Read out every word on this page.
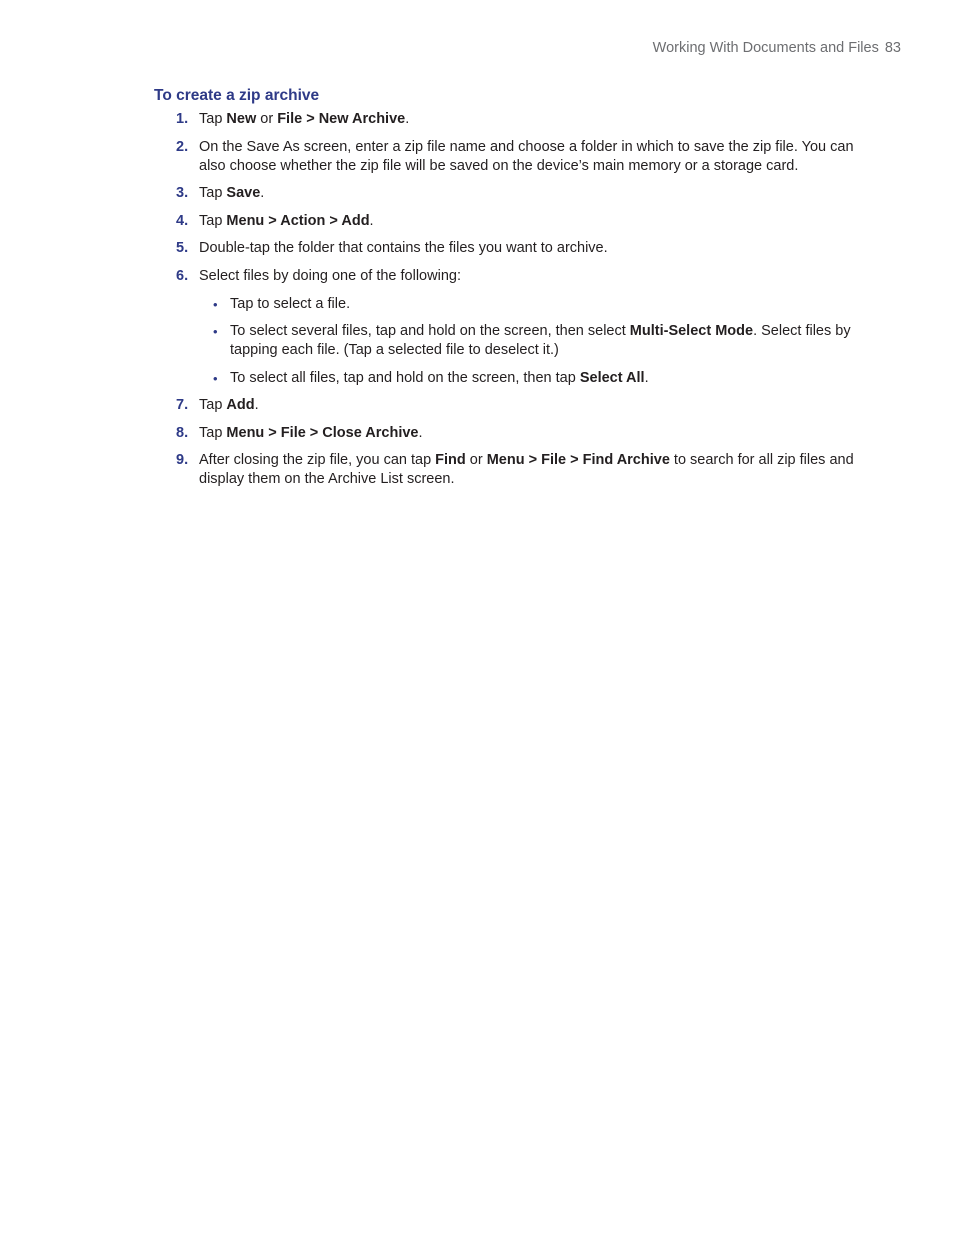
Working With Documents and Files 83
To create a zip archive
1. Tap New or File > New Archive.
2. On the Save As screen, enter a zip file name and choose a folder in which to save the zip file. You can also choose whether the zip file will be saved on the device’s main memory or a storage card.
3. Tap Save.
4. Tap Menu > Action > Add.
5. Double-tap the folder that contains the files you want to archive.
6. Select files by doing one of the following:
• Tap to select a file.
• To select several files, tap and hold on the screen, then select Multi-Select Mode. Select files by tapping each file. (Tap a selected file to deselect it.)
• To select all files, tap and hold on the screen, then tap Select All.
7. Tap Add.
8. Tap Menu > File > Close Archive.
9. After closing the zip file, you can tap Find or Menu > File > Find Archive to search for all zip files and display them on the Archive List screen.
